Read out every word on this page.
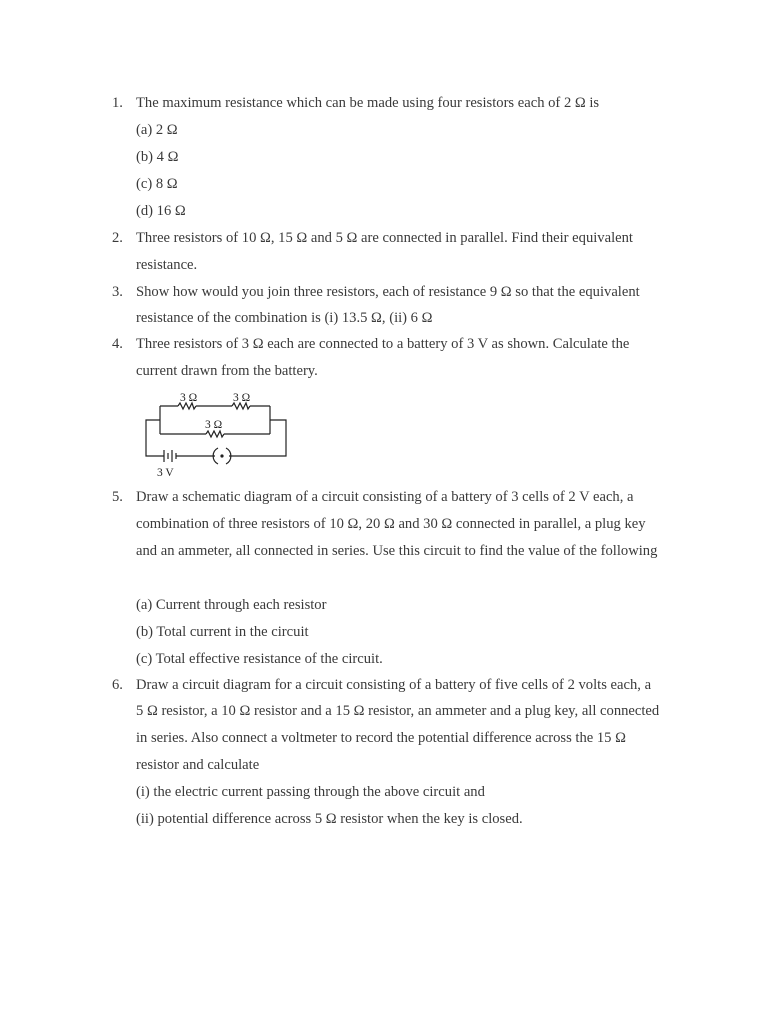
1. The maximum resistance which can be made using four resistors each of 2 Ω is
(a) 2 Ω
(b) 4 Ω
(c) 8 Ω
(d) 16 Ω
2. Three resistors of 10 Ω, 15 Ω and 5 Ω are connected in parallel. Find their equivalent
resistance.
3. Show how would you join three resistors, each of resistance 9 Ω so that the equivalent
resistance of the combination is (i) 13.5 Ω, (ii) 6 Ω
4. Three resistors of 3 Ω each are connected to a battery of 3 V as shown. Calculate the
current drawn from the battery.
3 Ω	3 Ω
3 Ω
3 V
5. Draw a schematic diagram of a circuit consisting of a battery of 3 cells of 2 V each, a
combination of three resistors of 10 Ω, 20 Ω and 30 Ω connected in parallel, a plug key
and an ammeter, all connected in series. Use this circuit to find the value of the following
(a) Current through each resistor
(b) Total current in the circuit
(c) Total effective resistance of the circuit.
6. Draw a circuit diagram for a circuit consisting of a battery of five cells of 2 volts each, a
5 Ω resistor, a 10 Ω resistor and a 15 Ω resistor, an ammeter and a plug key, all connected
in series. Also connect a voltmeter to record the potential difference across the 15 Ω
resistor and calculate
(i) the electric current passing through the above circuit and
(ii) potential difference across 5 Ω resistor when the key is closed.
